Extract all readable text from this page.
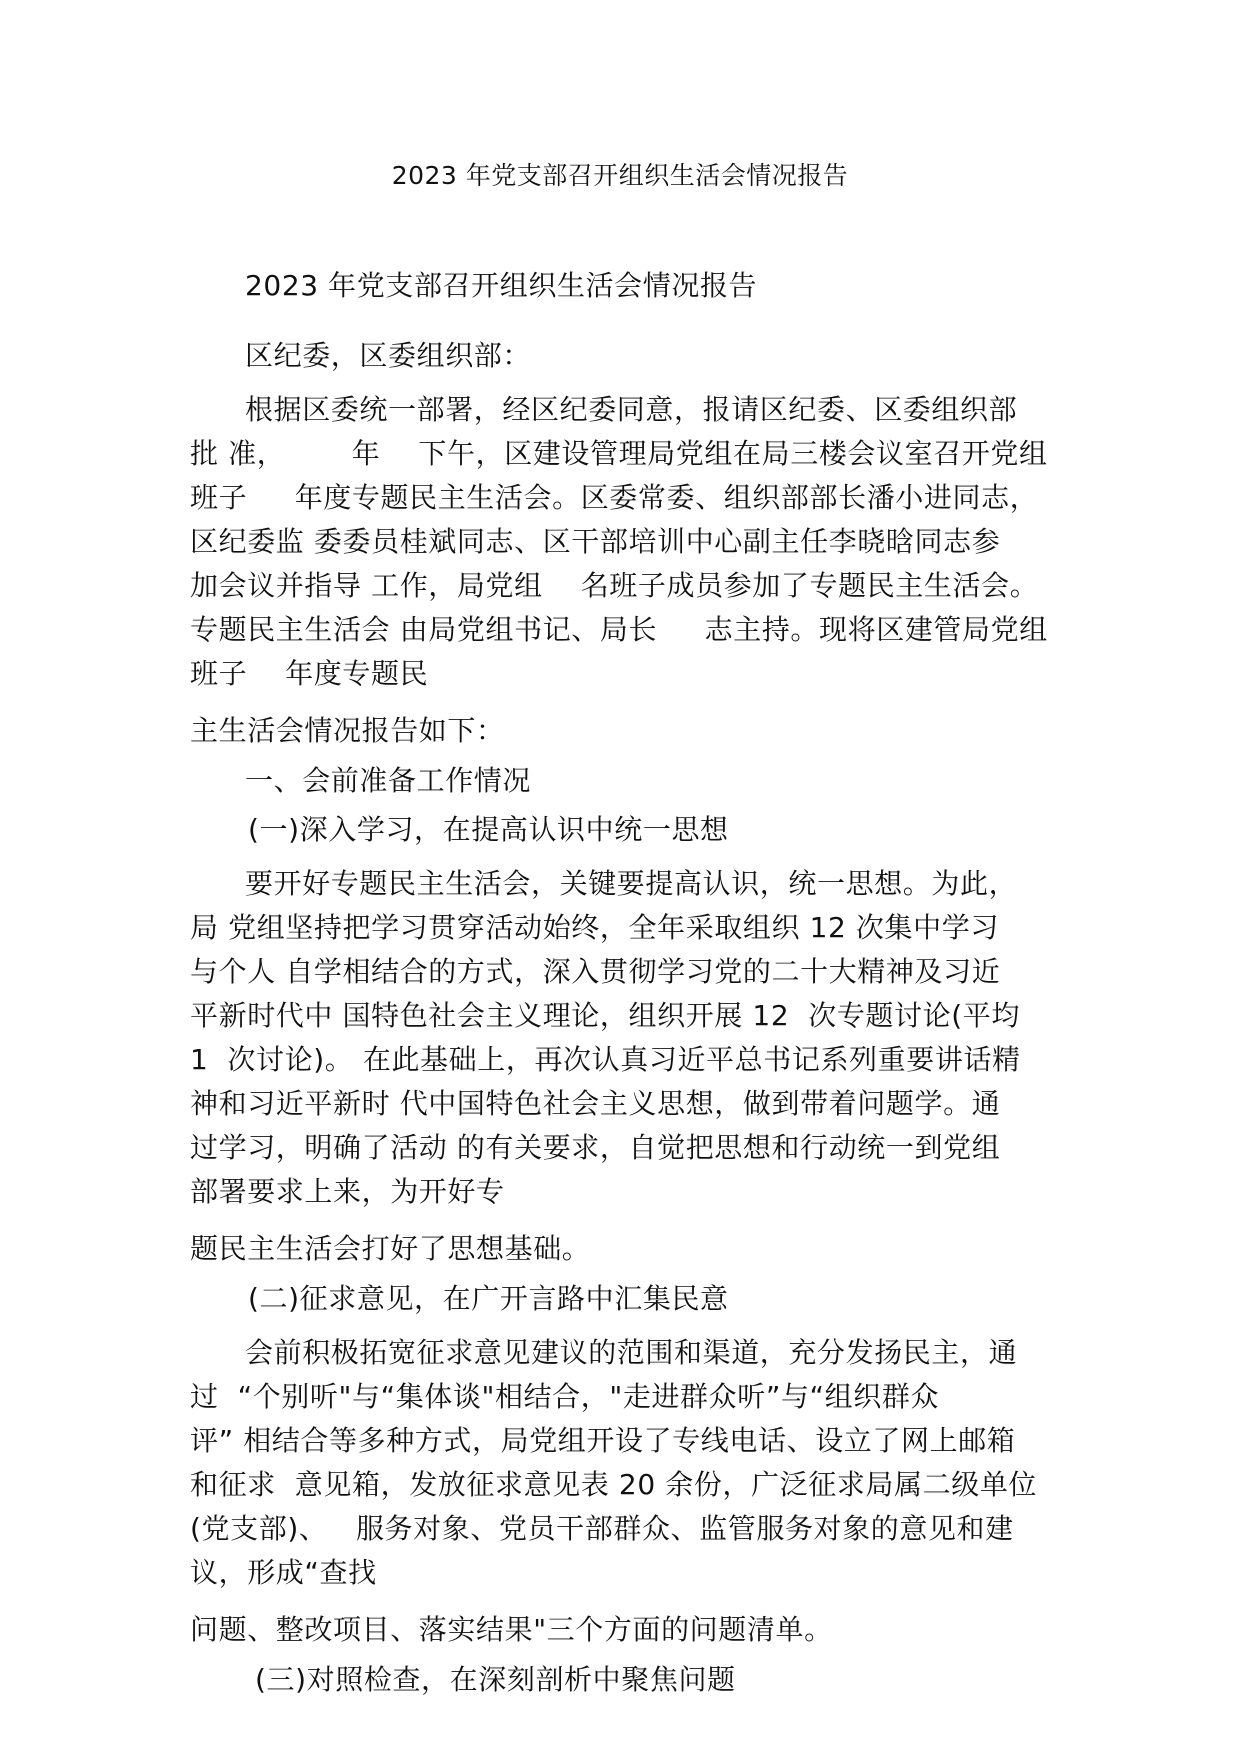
2023 年党支部召开组织生活会情况报告
2023 年党支部召开组织生活会情况报告
区纪委，区委组织部：
根据区委统一部署，经区纪委同意，报请区纪委、区委组织部
批 准，       年    下午，区建设管理局党组在局三楼会议室召开党组
班子     年度专题民主生活会。区委常委、组织部部长潘小进同志，
区纪委监 委委员桂斌同志、区干部培训中心副主任李晓晗同志参
加会议并指导 工作，局党组    名班子成员参加了专题民主生活会。
专题民主生活会 由局党组书记、局长     志主持。现将区建管局党组
班子    年度专题民
主生活会情况报告如下：
一、会前准备工作情况
(一)深入学习，在提高认识中统一思想
要开好专题民主生活会，关键要提高认识，统一思想。为此，
局 党组坚持把学习贯穿活动始终，全年采取组织 12 次集中学习
与个人 自学相结合的方式，深入贯彻学习党的二十大精神及习近
平新时代中 国特色社会主义理论，组织开展 12  次专题讨论(平均
1  次讨论)。 在此基础上，再次认真习近平总书记系列重要讲话精
神和习近平新时 代中国特色社会主义思想，做到带着问题学。通
过学习，明确了活动 的有关要求，自觉把思想和行动统一到党组
部署要求上来，为开好专
题民主生活会打好了思想基础。
(二)征求意见，在广开言路中汇集民意
会前积极拓宽征求意见建议的范围和渠道，充分发扬民主，通
过  “个别听"与“集体谈"相结合，"走进群众听”与“组织群众
评” 相结合等多种方式，局党组开设了专线电话、设立了网上邮箱
和征求  意见箱，发放征求意见表 20 余份，广泛征求局属二级单位
(党支部)、   服务对象、党员干部群众、监管服务对象的意见和建
议，形成“查找
问题、整改项目、落实结果"三个方面的问题清单。
(三)对照检查，在深刻剖析中聚焦问题
